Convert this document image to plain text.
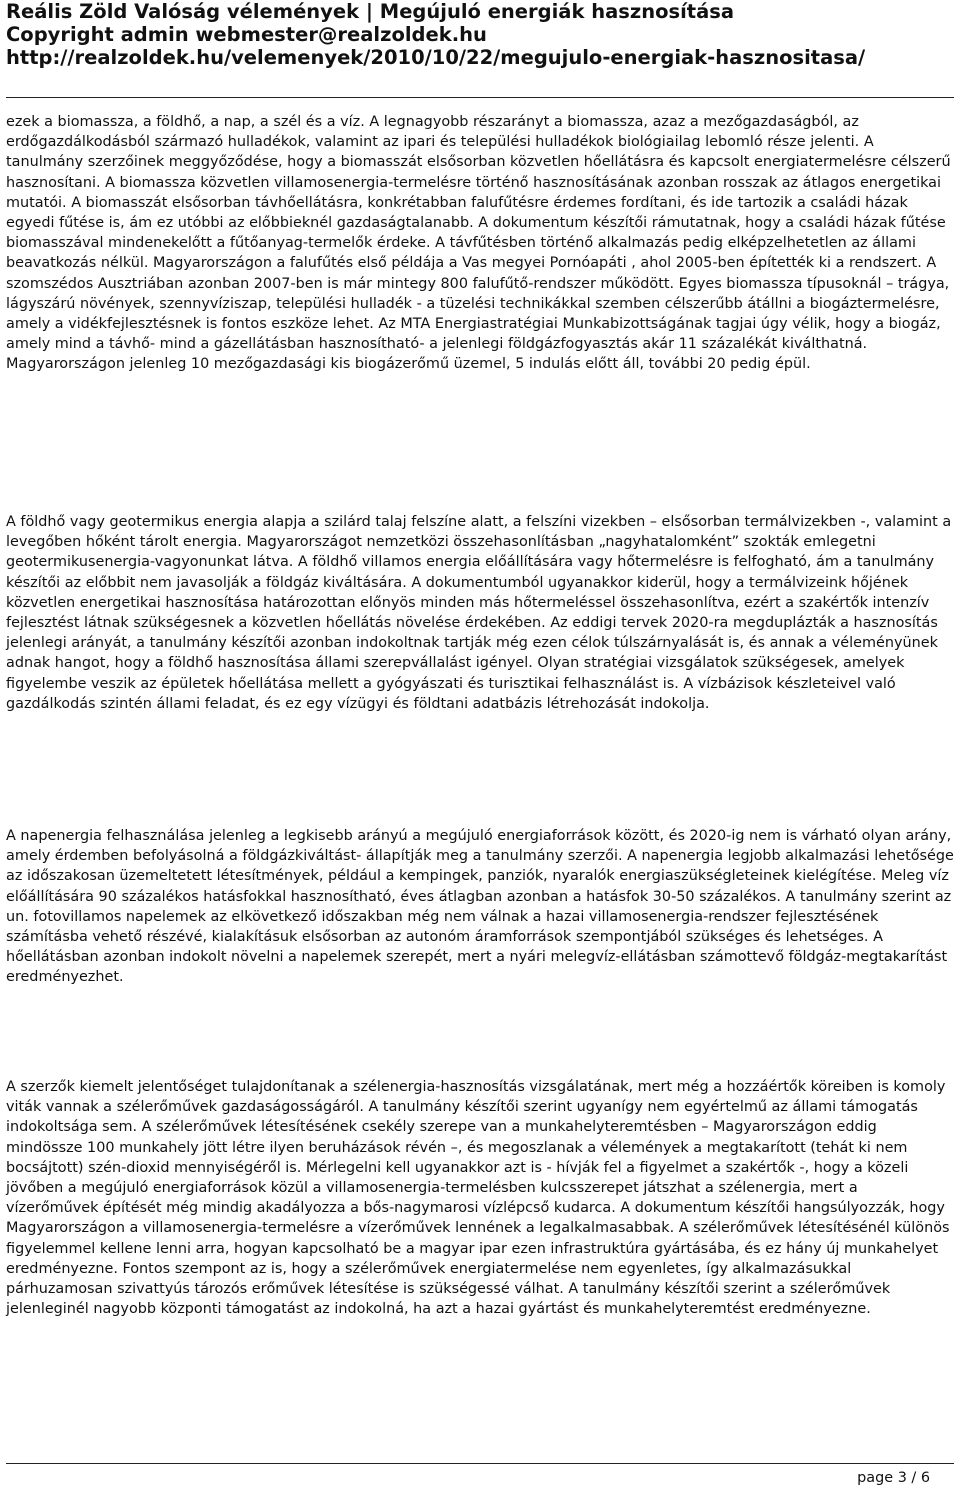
Reális Zöld Valóság vélemények | Megújuló energiák hasznosítása
Copyright admin webmester@realzoldek.hu
http://realzoldek.hu/velemenyek/2010/10/22/megujulo-energiak-hasznositasa/

ezek a biomassza, a földhő, a nap, a szél és a víz. A legnagyobb részarányt a biomassza, azaz a mezőgazdaságból, az erdőgazdálkodásból származó hulladékok, valamint az ipari és települési hulladékok biológiailag lebomló része jelenti. A tanulmány szerzőinek meggyőződése, hogy a biomasszát elsősorban közvetlen hőellátásra és kapcsolt energiatermelésre célszerű hasznosítani. A biomassza közvetlen villamosenergia-termelésre történő hasznosításának azonban rosszak az átlagos energetikai mutatói. A biomasszát elsősorban távhőellátásra, konkrétabban falufűtésre érdemes fordítani, és ide tartozik a családi házak egyedi fűtése is, ám ez utóbbi az előbbieknél gazdaságtalanabb. A dokumentum készítői rámutatnak, hogy a családi házak fűtése biomasszával mindenekelőtt a fűtőanyag-termelők érdeke. A távfűtésben történő alkalmazás pedig elképzelhetetlen az állami beavatkozás nélkül. Magyarországon a falufűtés első példája a Vas megyei Pornóapáti , ahol 2005-ben építették ki a rendszert. A szomszédos Ausztriában azonban 2007-ben is már mintegy 800 falufűtő-rendszer működött. Egyes biomassza típusoknál – trágya, lágyszárú növények, szennyvíziszap, települési hulladék - a tüzelési technikákkal szemben célszerűbb átállni a biogáztermelésre, amely a vidékfejlesztésnek is fontos eszköze lehet. Az MTA Energiastratégiai Munkabizottságának tagjai úgy vélik, hogy a biogáz, amely mind a távhő- mind a gázellátásban hasznosítható- a jelenlegi földgázfogyasztás akár 11 százalékát kiválthatná. Magyarországon jelenleg 10 mezőgazdasági kis biogázerőmű üzemel, 5 indulás előtt áll, további 20 pedig épül.

A földhő vagy geotermikus energia alapja a szilárd talaj felszíne alatt, a felszíni vizekben – elsősorban termálvizekben -, valamint a levegőben hőként tárolt energia. Magyarországot nemzetközi összehasonlításban „nagyhatalomként” szokták emlegetni geotermikusenergia-vagyonunkat látva. A földhő villamos energia előállítására vagy hőtermelésre is felfogható, ám a tanulmány készítői az előbbit nem javasolják a földgáz kiváltására. A dokumentumból ugyanakkor kiderül, hogy a termálvizeink hőjének közvetlen energetikai hasznosítása határozottan előnyös minden más hőtermeléssel összehasonlítva, ezért a szakértők intenzív fejlesztést látnak szükségesnek a közvetlen hőellátás növelése érdekében. Az eddigi tervek 2020-ra megduplázták a hasznosítás jelenlegi arányát, a tanulmány készítői azonban indokoltnak tartják még ezen célok túlszárnyalását is, és annak a véleményünek adnak hangot, hogy a földhő hasznosítása állami szerepvállalást igényel. Olyan stratégiai vizsgálatok szükségesek, amelyek figyelembe veszik az épületek hőellátása mellett a gyógyászati és turisztikai felhasználást is. A vízbázisok készleteivel való gazdálkodás szintén állami feladat, és ez egy vízügyi és földtani adatbázis létrehozását indokolja.

A napenergia felhasználása jelenleg a legkisebb arányú a megújuló energiaforrások között, és 2020-ig nem is várható olyan arány, amely érdemben befolyásolná a földgázkiváltást- állapítják meg a tanulmány szerzői. A napenergia legjobb alkalmazási lehetősége az időszakosan üzemeltetett létesítmények, például a kempingek, panziók, nyaralók energiaszükségleteinek kielégítése. Meleg víz előállítására 90 százalékos hatásfokkal hasznosítható, éves átlagban azonban a hatásfok 30-50 százalékos. A tanulmány szerint az un. fotovillamos napelemek az elkövetkező időszakban még nem válnak a hazai villamosenergia-rendszer fejlesztésének számításba vehető részévé, kialakításuk elsősorban az autonóm áramforrások szempontjából szükséges és lehetséges. A hőellátásban azonban indokolt növelni a napelemek szerepét, mert a nyári melegvíz-ellátásban számottevő földgáz-megtakarítást eredményezhet.

A szerzők kiemelt jelentőséget tulajdonítanak a szélenergia-hasznosítás vizsgálatának, mert még a hozzáértők köreiben is komoly viták vannak a szélerőművek gazdaságosságáról. A tanulmány készítői szerint ugyanígy nem egyértelmű az állami támogatás indokoltsága sem. A szélerőművek létesítésének csekély szerepe van a munkahelyteremtésben – Magyarországon eddig mindössze 100 munkahely jött létre ilyen beruházások révén –, és megoszlanak a vélemények a megtakarított (tehát ki nem bocsájtott) szén-dioxid mennyiségéről is. Mérlegelni kell ugyanakkor azt is - hívják fel a figyelmet a szakértők -, hogy a közeli jövőben a megújuló energiaforrások közül a villamosenergia-termelésben kulcsszerepet játszhat a szélenergia, mert a vízerőművek építését még mindig akadályozza a bős-nagymarosi vízlépcső kudarca. A dokumentum készítői hangsúlyozzák, hogy Magyarországon a villamosenergia-termelésre a vízerőművek lennének a legalkalmasabbak. A szélerőművek létesítésénél különös figyelemmel kellene lenni arra, hogyan kapcsolható be a magyar ipar ezen infrastruktúra gyártásába, és ez hány új munkahelyet eredményezne. Fontos szempont az is, hogy a szélerőművek energiatermelése nem egyenletes, így alkalmazásukkal párhuzamosan szivattyús tározós erőművek létesítése is szükségessé válhat. A tanulmány készítői szerint a szélerőművek jelenleginél nagyobb központi támogatást az indokolná, ha azt a hazai gyártást és munkahelyteremtést eredményezne.

page 3 / 6
